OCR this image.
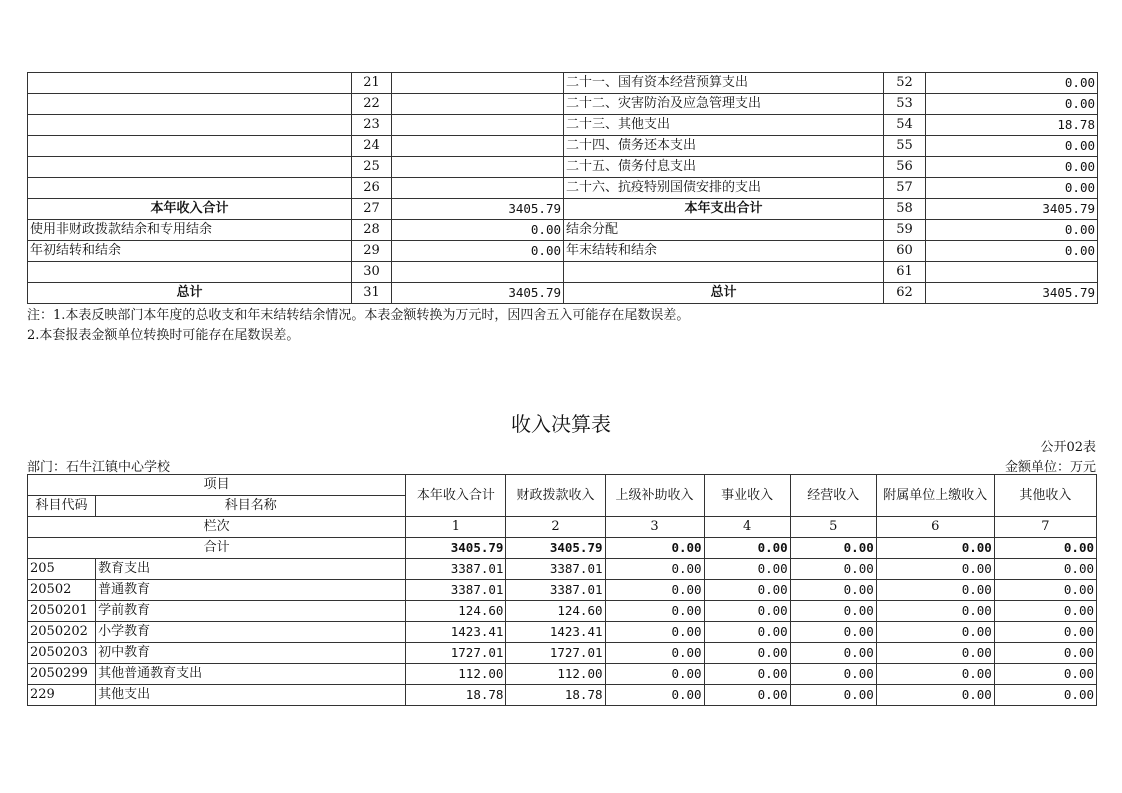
	21		二十一、国有资本经营预算支出	52	0.00
	22		二十二、灾害防治及应急管理支出	53	0.00
	23		二十三、其他支出	54	18.78
	24		二十四、债务还本支出	55	0.00
	25		二十五、债务付息支出	56	0.00
	26		二十六、抗疫特别国债安排的支出	57	0.00
本年收入合计	27	3405.79	本年支出合计	58	3405.79
使用非财政拨款结余和专用结余	28	0.00	结余分配	59	0.00
年初结转和结余	29	0.00	年末结转和结余	60	0.00
	30			61	
总计	31	3405.79	总计	62	3405.79
注：1.本表反映部门本年度的总收支和年末结转结余情况。本表金额转换为万元时，因四舍五入可能存在尾数误差。
2.本套报表金额单位转换时可能存在尾数误差。
收入决算表
公开02表
部门：石牛江镇中心学校	金额单位：万元
项目		本年收入合计	财政拨款收入	上级补助收入	事业收入	经营收入	附属单位上缴收入	其他收入
科目代码	科目名称							
栏次		1	2	3	4	5	6	7
合计		3405.79	3405.79	0.00	0.00	0.00	0.00	0.00
205	教育支出	3387.01	3387.01	0.00	0.00	0.00	0.00	0.00
20502	普通教育	3387.01	3387.01	0.00	0.00	0.00	0.00	0.00
2050201	学前教育	124.60	124.60	0.00	0.00	0.00	0.00	0.00
2050202	小学教育	1423.41	1423.41	0.00	0.00	0.00	0.00	0.00
2050203	初中教育	1727.01	1727.01	0.00	0.00	0.00	0.00	0.00
2050299	其他普通教育支出	112.00	112.00	0.00	0.00	0.00	0.00	0.00
229	其他支出	18.78	18.78	0.00	0.00	0.00	0.00	0.00
